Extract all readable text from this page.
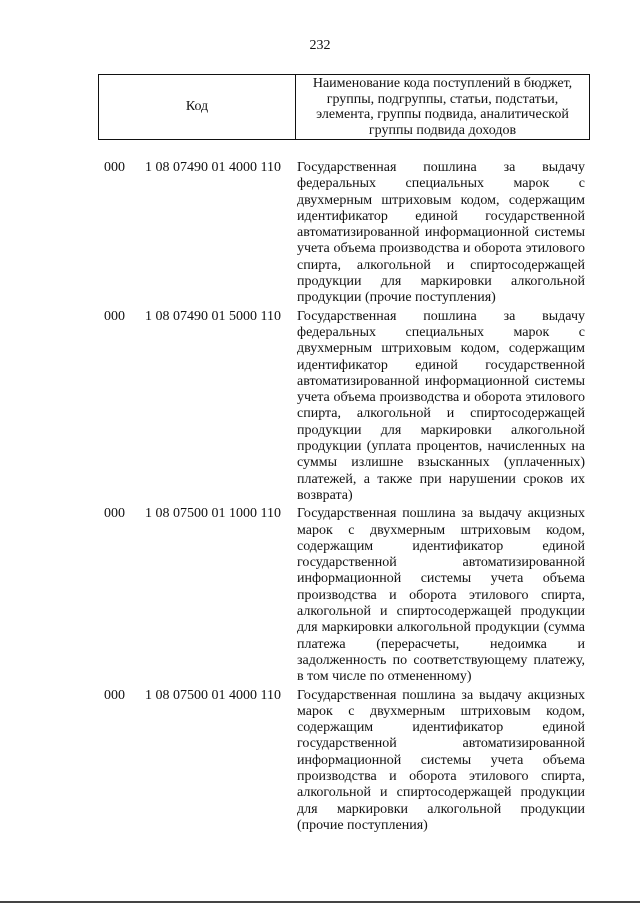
232
Код
Наименование кода поступлений в бюджет, группы, подгруппы, статьи, подстатьи, элемента, группы подвида, аналитической группы подвида доходов
000 1 08 07490 01 4000 110 Государственная пошлина за выдачу федеральных специальных марок с двухмерным штриховым кодом, содержащим идентификатор единой государственной автоматизированной информационной системы учета объема производства и оборота этилового спирта, алкогольной и спиртосодержащей продукции для маркировки алкогольной продукции (прочие поступления)
000 1 08 07490 01 5000 110 Государственная пошлина за выдачу федеральных специальных марок с двухмерным штриховым кодом, содержащим идентификатор единой государственной автоматизированной информационной системы учета объема производства и оборота этилового спирта, алкогольной и спиртосодержащей продукции для маркировки алкогольной продукции (уплата процентов, начисленных на суммы излишне взысканных (уплаченных) платежей, а также при нарушении сроков их возврата)
000 1 08 07500 01 1000 110 Государственная пошлина за выдачу акцизных марок с двухмерным штриховым кодом, содержащим идентификатор единой государственной автоматизированной информационной системы учета объема производства и оборота этилового спирта, алкогольной и спиртосодержащей продукции для маркировки алкогольной продукции (сумма платежа (перерасчеты, недоимка и задолженность по соответствующему платежу, в том числе по отмененному)
000 1 08 07500 01 4000 110 Государственная пошлина за выдачу акцизных марок с двухмерным штриховым кодом, содержащим идентификатор единой государственной автоматизированной информационной системы учета объема производства и оборота этилового спирта, алкогольной и спиртосодержащей продукции для маркировки алкогольной продукции (прочие поступления)
